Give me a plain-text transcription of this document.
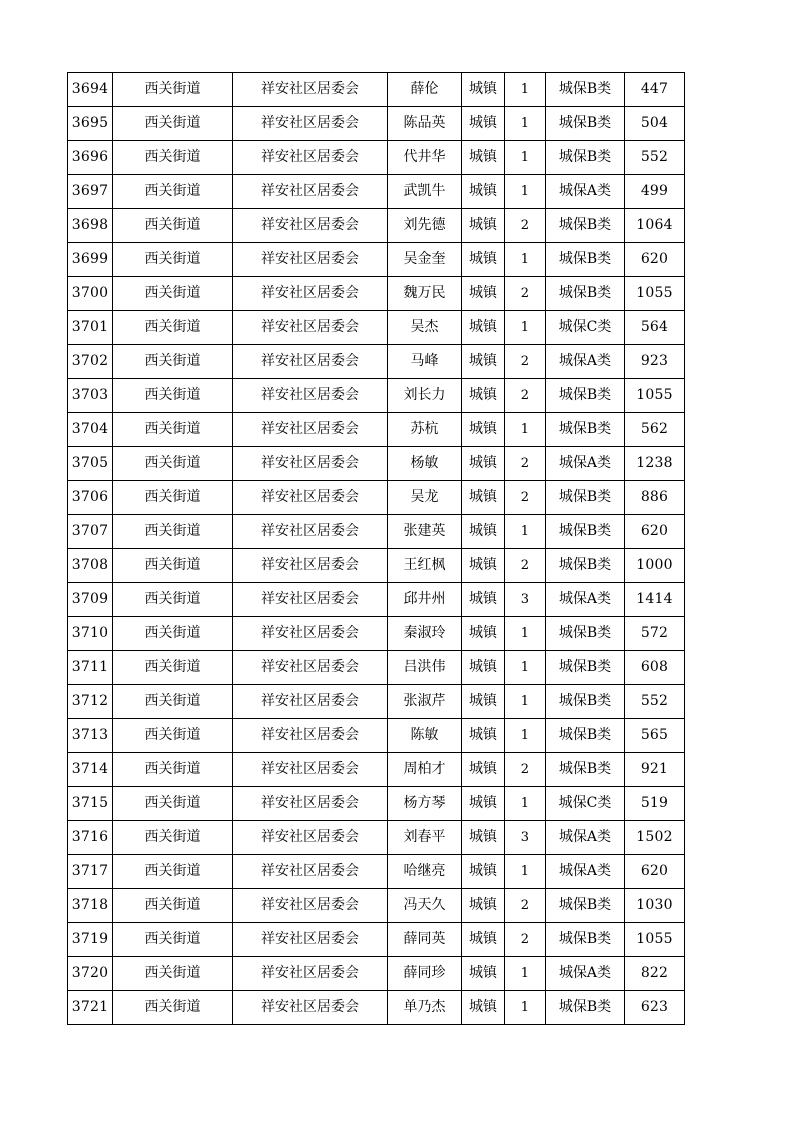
3694	西关街道	祥安社区居委会	薛伦	城镇	1	城保B类	447
3695	西关街道	祥安社区居委会	陈品英	城镇	1	城保B类	504
3696	西关街道	祥安社区居委会	代井华	城镇	1	城保B类	552
3697	西关街道	祥安社区居委会	武凯牛	城镇	1	城保A类	499
3698	西关街道	祥安社区居委会	刘先德	城镇	2	城保B类	1064
3699	西关街道	祥安社区居委会	吴金奎	城镇	1	城保B类	620
3700	西关街道	祥安社区居委会	魏万民	城镇	2	城保B类	1055
3701	西关街道	祥安社区居委会	吴杰	城镇	1	城保C类	564
3702	西关街道	祥安社区居委会	马峰	城镇	2	城保A类	923
3703	西关街道	祥安社区居委会	刘长力	城镇	2	城保B类	1055
3704	西关街道	祥安社区居委会	苏杭	城镇	1	城保B类	562
3705	西关街道	祥安社区居委会	杨敏	城镇	2	城保A类	1238
3706	西关街道	祥安社区居委会	吴龙	城镇	2	城保B类	886
3707	西关街道	祥安社区居委会	张建英	城镇	1	城保B类	620
3708	西关街道	祥安社区居委会	王红枫	城镇	2	城保B类	1000
3709	西关街道	祥安社区居委会	邱井州	城镇	3	城保A类	1414
3710	西关街道	祥安社区居委会	秦淑玲	城镇	1	城保B类	572
3711	西关街道	祥安社区居委会	吕洪伟	城镇	1	城保B类	608
3712	西关街道	祥安社区居委会	张淑芹	城镇	1	城保B类	552
3713	西关街道	祥安社区居委会	陈敏	城镇	1	城保B类	565
3714	西关街道	祥安社区居委会	周柏才	城镇	2	城保B类	921
3715	西关街道	祥安社区居委会	杨方琴	城镇	1	城保C类	519
3716	西关街道	祥安社区居委会	刘春平	城镇	3	城保A类	1502
3717	西关街道	祥安社区居委会	哈继亮	城镇	1	城保A类	620
3718	西关街道	祥安社区居委会	冯天久	城镇	2	城保B类	1030
3719	西关街道	祥安社区居委会	薛同英	城镇	2	城保B类	1055
3720	西关街道	祥安社区居委会	薛同珍	城镇	1	城保A类	822
3721	西关街道	祥安社区居委会	单乃杰	城镇	1	城保B类	623
